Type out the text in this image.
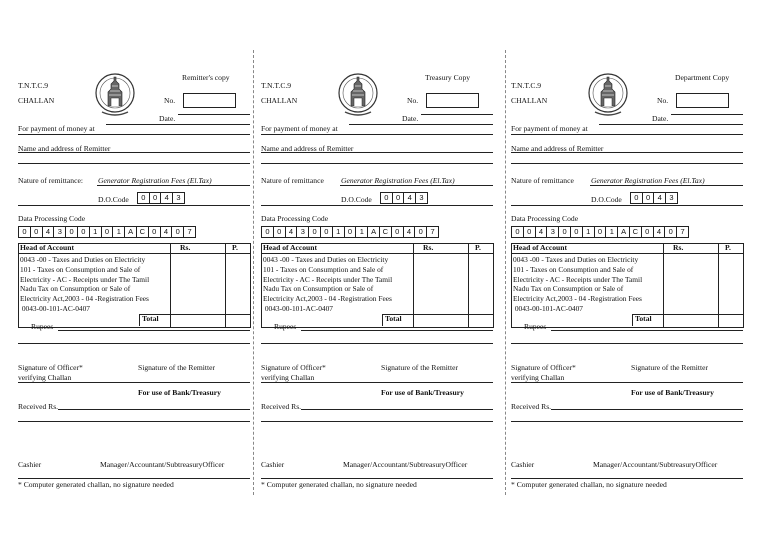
Remitter's copy
T.N.T.C.9
CHALLAN	No.
Date.
For payment of money at
Name and address of Remitter
Nature of remittance: Generator Registration Fees (El.Tax)
D.O.Code	0	0	4	3
Data Processing Code
0	0	4	3	0	0	1	0	1 A C 0	4	0	7
Head of Account	Rs.	P.
0043 -00 - Taxes and Duties on Electricity
101 - Taxes on Consumption and Sale of
Electricity - AC - Receipts under The Tamil
Nadu Tax on Consumption or Sale of
Electricity Act,2003 - 04 -Registration Fees
0043-00-101-AC-0407
Total
Rupees
Signature of Officer*
verifying Challan
Signature of the Remitter
For use of Bank/Treasury
Received Rs.
Cashier	Manager/Accountant/SubtreasuryOfficer
* Computer generated challan, no signature needed
Treasury Copy
T.N.T.C.9
CHALLAN	No.
Date.
For payment of money at
Name and address of Remitter
Nature of remittance Generator Registration Fees (El.Tax)
D.O.Code	0	0	4	3
Data Processing Code
0	0	4	3	0	0	1	0	1 A C 0	4	0	7
Head of Account	Rs.	P.
0043 -00 - Taxes and Duties on Electricity
101 - Taxes on Consumption and Sale of
Electricity - AC - Receipts under The Tamil
Nadu Tax on Consumption or Sale of
Electricity Act,2003 - 04 -Registration Fees
0043-00-101-AC-0407
Total
Rupees
Signature of Officer*
verifying Challan
Signature of the Remitter
For use of Bank/Treasury
Received Rs.
Cashier	Manager/Accountant/SubtreasuryOfficer
* Computer generated challan, no signature needed
Department Copy
T.N.T.C.9
CHALLAN	No.
Date.
For payment of money at
Name and address of Remitter
Nature of remittance Generator Registration Fees (El.Tax)
D.O.Code	0	0	4	3
Data Processing Code
0	0	4	3	0	0	1	0	1 A C 0	4	0	7
Head of Account	Rs.	P.
0043 -00 - Taxes and Duties on Electricity
101 - Taxes on Consumption and Sale of
Electricity - AC - Receipts under The Tamil
Nadu Tax on Consumption or Sale of
Electricity Act,2003 - 04 -Registration Fees
0043-00-101-AC-0407
Total
Rupees
Signature of Officer*
verifying Challan
Signature of the Remitter
For use of Bank/Treasury
Received Rs.
Cashier	Manager/Accountant/SubtreasuryOfficer
* Computer generated challan, no signature needed
